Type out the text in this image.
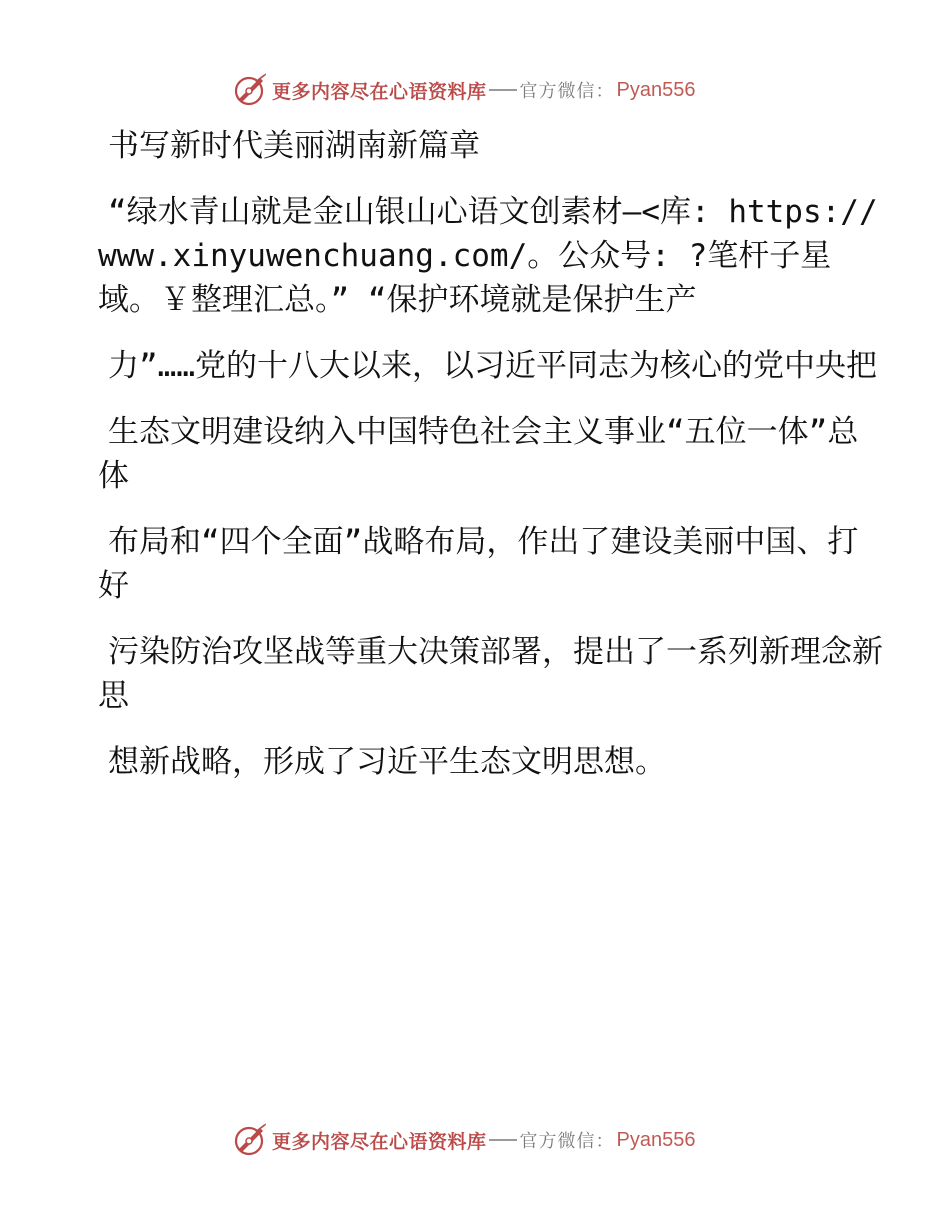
更多内容尽在心语资料库 官方微信： Pyan556

书写新时代美丽湖南新篇章

“绿水青山就是金山银山心语文创素材—<库: https://www.xinyuwenchuang.com/。公众号: ?笔杆子星域。￥整理汇总。” “保护环境就是保护生产

力”……党的十八大以来，以习近平同志为核心的党中央把

生态文明建设纳入中国特色社会主义事业“五位一体”总体

布局和“四个全面”战略布局，作出了建设美丽中国、打好

污染防治攻坚战等重大决策部署，提出了一系列新理念新思

想新战略，形成了习近平生态文明思想。

更多内容尽在心语资料库 官方微信： Pyan556
